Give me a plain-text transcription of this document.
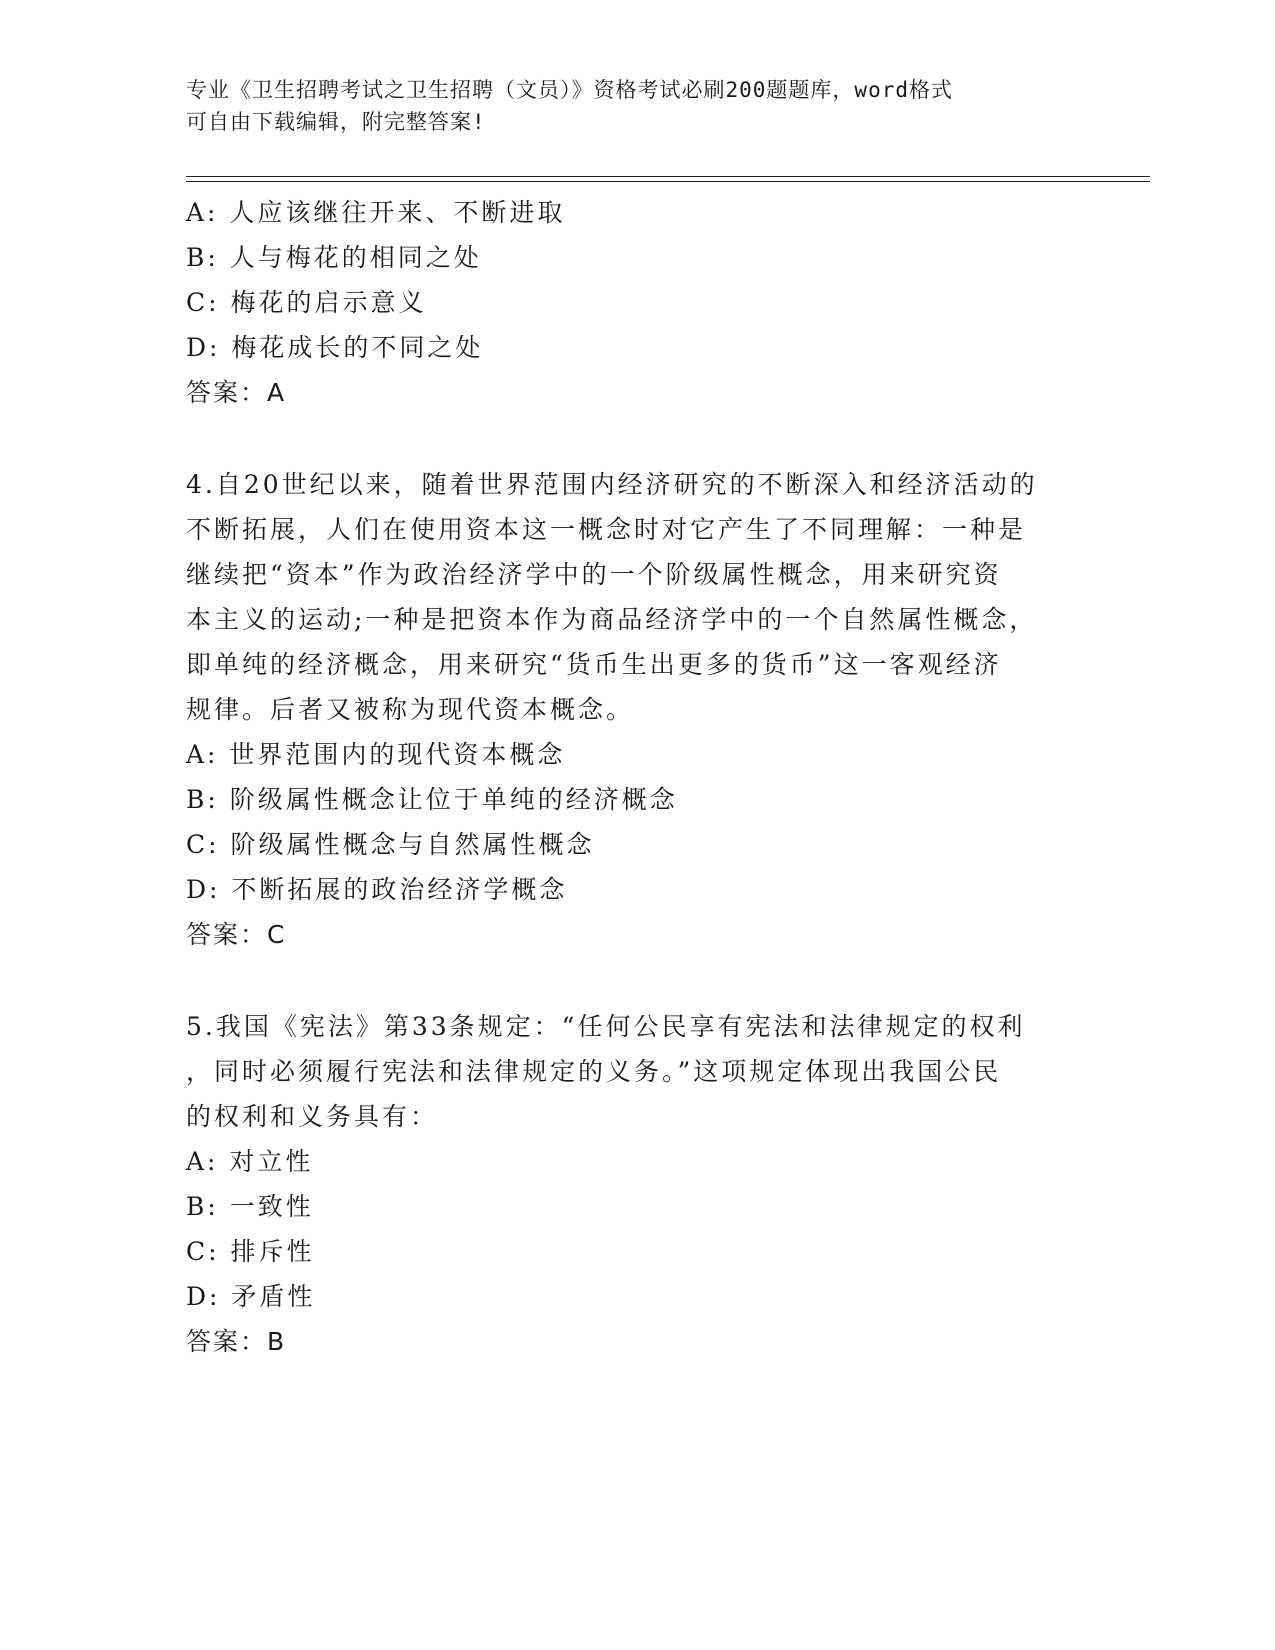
专业《卫生招聘考试之卫生招聘（文员）》资格考试必刷200题题库，word格式
可自由下载编辑，附完整答案!
A: 人应该继往开来、不断进取
B: 人与梅花的相同之处
C: 梅花的启示意义
D: 梅花成长的不同之处
答案：A
4.自20世纪以来，随着世界范围内经济研究的不断深入和经济活动的
不断拓展，人们在使用资本这一概念时对它产生了不同理解：一种是
继续把“资本”作为政治经济学中的一个阶级属性概念，用来研究资
本主义的运动;一种是把资本作为商品经济学中的一个自然属性概念，
即单纯的经济概念，用来研究“货币生出更多的货币”这一客观经济
规律。后者又被称为现代资本概念。
A: 世界范围内的现代资本概念
B: 阶级属性概念让位于单纯的经济概念
C: 阶级属性概念与自然属性概念
D: 不断拓展的政治经济学概念
答案：C
5.我国《宪法》第33条规定：“任何公民享有宪法和法律规定的权利
，同时必须履行宪法和法律规定的义务。”这项规定体现出我国公民
的权利和义务具有：
A: 对立性
B: 一致性
C: 排斥性
D: 矛盾性
答案：B
